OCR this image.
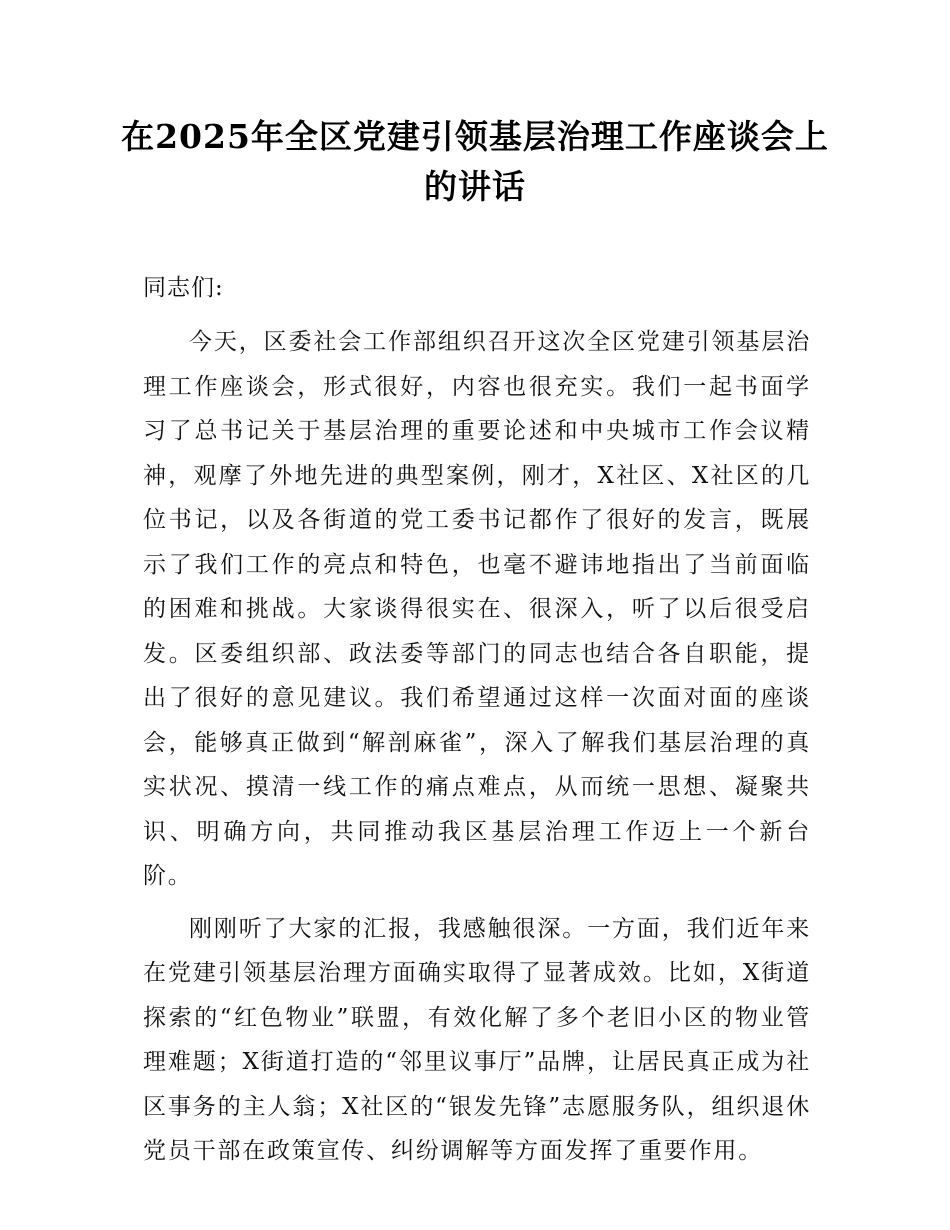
在2025年全区党建引领基层治理工作座谈会上的讲话

同志们:

今天，区委社会工作部组织召开这次全区党建引领基层治理工作座谈会，形式很好，内容也很充实。我们一起书面学习了总书记关于基层治理的重要论述和中央城市工作会议精神，观摩了外地先进的典型案例，刚才，X社区、X社区的几位书记，以及各街道的党工委书记都作了很好的发言，既展示了我们工作的亮点和特色，也毫不避讳地指出了当前面临的困难和挑战。大家谈得很实在、很深入，听了以后很受启发。区委组织部、政法委等部门的同志也结合各自职能，提出了很好的意见建议。我们希望通过这样一次面对面的座谈会，能够真正做到“解剖麻雀”，深入了解我们基层治理的真实状况、摸清一线工作的痛点难点，从而统一思想、凝聚共识、明确方向，共同推动我区基层治理工作迈上一个新台阶。

刚刚听了大家的汇报，我感触很深。一方面，我们近年来在党建引领基层治理方面确实取得了显著成效。比如，X街道探索的“红色物业”联盟，有效化解了多个老旧小区的物业管理难题；X街道打造的“邻里议事厅”品牌，让居民真正成为社区事务的主人翁；X社区的“银发先锋”志愿服务队，组织退休党员干部在政策宣传、纠纷调解等方面发挥了重要作用。
